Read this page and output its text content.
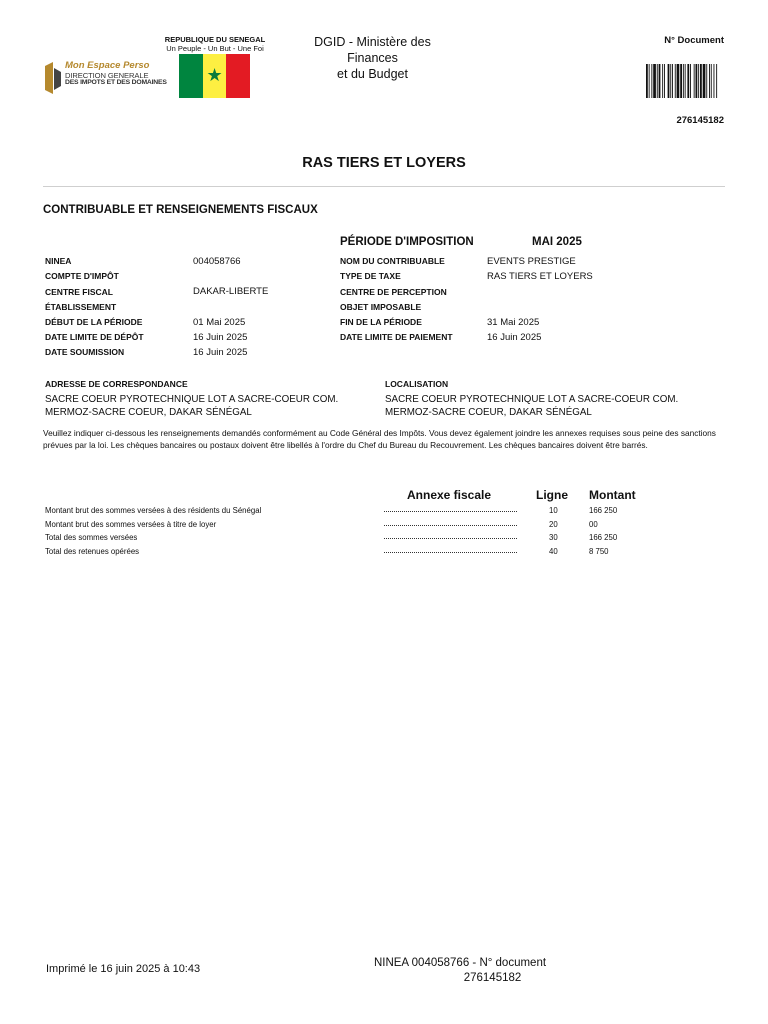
REPUBLIQUE DU SENEGAL
Un Peuple - Un But - Une Foi
★
Mon Espace Perso
DIRECTION GENERALE
DES IMPOTS ET DES DOMAINES
DGID - Ministère des
Finances
et du Budget
N° Document
276145182
RAS TIERS ET LOYERS
CONTRIBUABLE ET RENSEIGNEMENTS FISCAUX
PÉRIODE D'IMPOSITION	MAI 2025
NINEA	004058766
COMPTE D'IMPÔT
CENTRE FISCAL	DAKAR-LIBERTE
ÉTABLISSEMENT
DÉBUT DE LA PÉRIODE	01 Mai 2025
DATE LIMITE DE DÉPÔT	16 Juin 2025
DATE SOUMISSION	16 Juin 2025
NOM DU CONTRIBUABLE	EVENTS PRESTIGE
TYPE DE TAXE	RAS TIERS ET LOYERS
CENTRE DE PERCEPTION
OBJET IMPOSABLE
FIN DE LA PÉRIODE	31 Mai 2025
DATE LIMITE DE PAIEMENT	16 Juin 2025
ADRESSE DE CORRESPONDANCE
SACRE COEUR PYROTECHNIQUE LOT A SACRE-COEUR COM.
MERMOZ-SACRE COEUR, DAKAR SÉNÉGAL
LOCALISATION
SACRE COEUR PYROTECHNIQUE LOT A SACRE-COEUR COM.
MERMOZ-SACRE COEUR, DAKAR SÉNÉGAL
Veuillez indiquer ci-dessous les renseignements demandés conformément au Code Général des Impôts. Vous devez également joindre les annexes requises sous peine des sanctions prévues par la loi. Les chèques bancaires ou postaux doivent être libellés à l'ordre du Chef du Bureau du Recouvrement. Les chèques bancaires doivent être barrés.
Annexe fiscale	Ligne Montant
Montant brut des sommes versées à des résidents du Sénégal	10	166 250
Montant brut des sommes versées à titre de loyer	20	00
Total des sommes versées	30	166 250
Total des retenues opérées	40	8 750
Imprimé le 16 juin 2025 à 10:43	NINEA 004058766 - N° document
276145182
